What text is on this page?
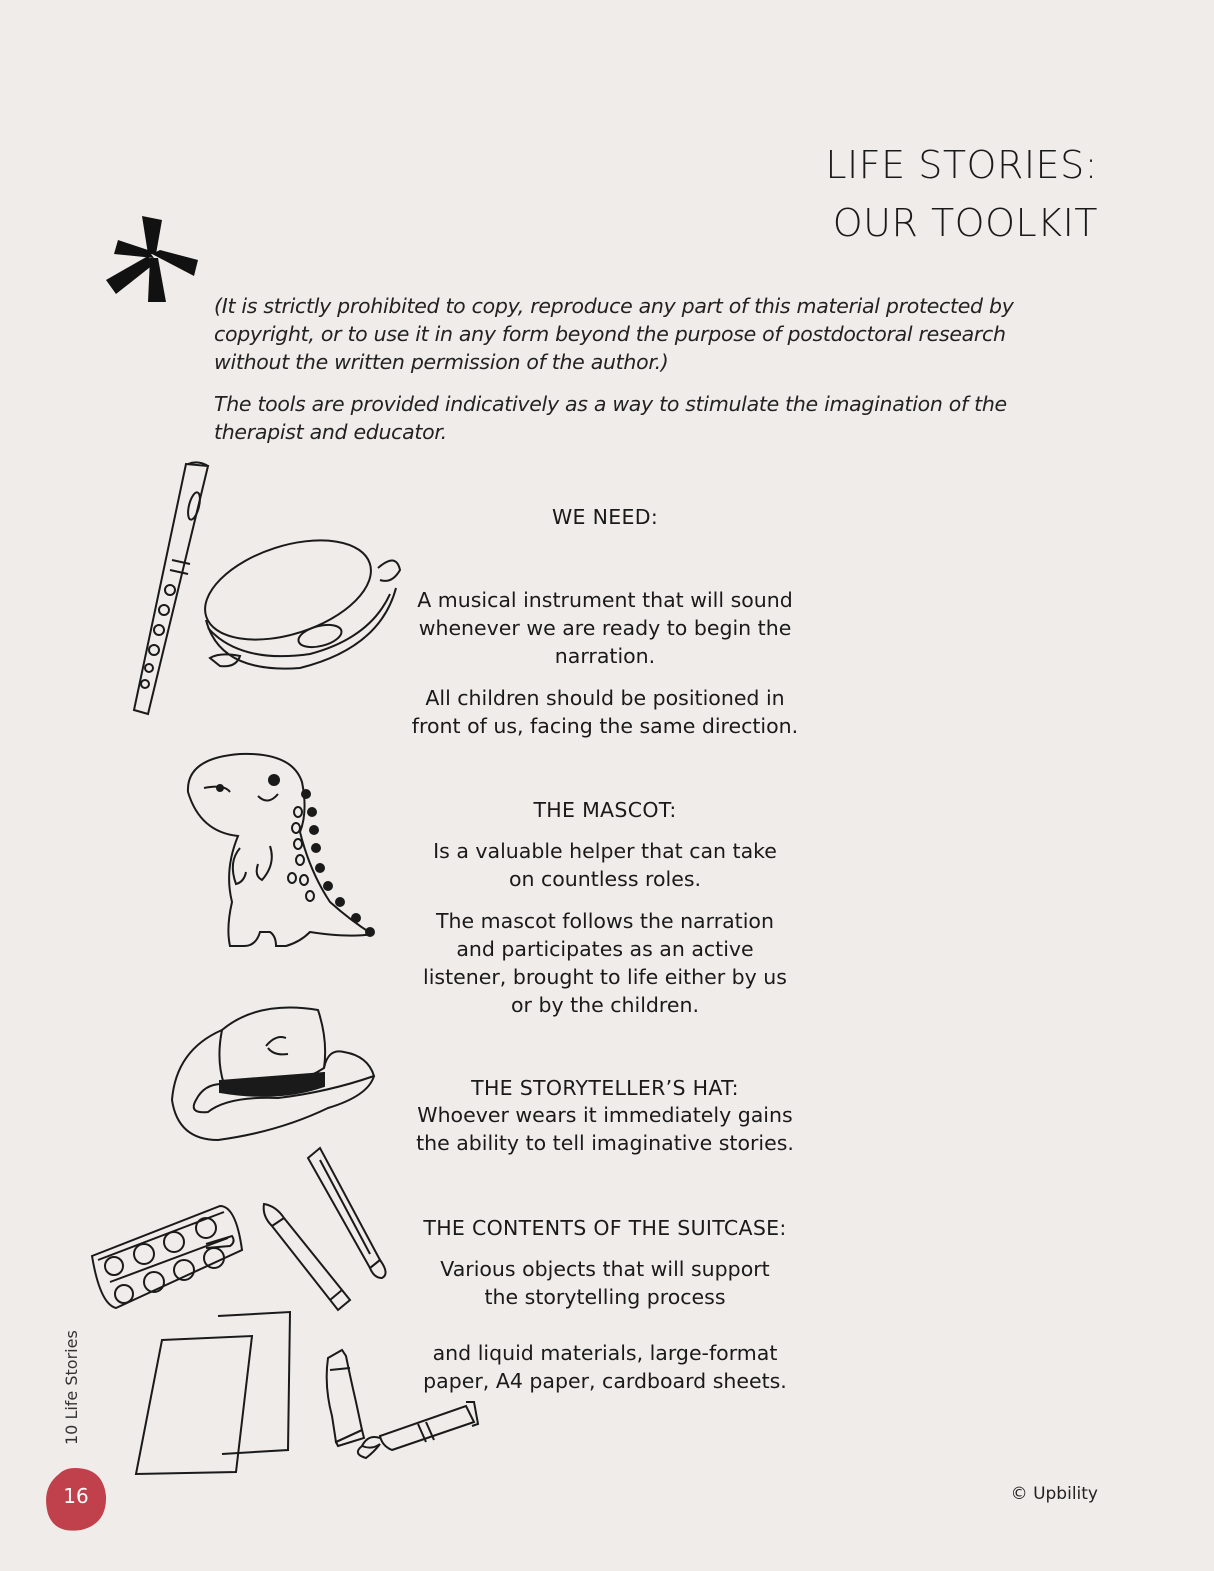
LIFE STORIES:
OUR TOOLKIT

(It is strictly prohibited to copy, reproduce any part of this material protected by copyright, or to use it in any form beyond the purpose of postdoctoral research without the written permission of the author.)

The tools are provided indicatively as a way to stimulate the imagination of the therapist and educator.

WE NEED:

A musical instrument that will sound whenever we are ready to begin the narration.

All children should be positioned in front of us, facing the same direction.

THE MASCOT:

Is a valuable helper that can take on countless roles.

The mascot follows the narration and participates as an active listener, brought to life either by us or by the children.

THE STORYTELLER’S HAT:

Whoever wears it immediately gains the ability to tell imaginative stories.

THE CONTENTS OF THE SUITCASE:

Various objects that will support the storytelling process

and liquid materials, large-format paper, A4 paper, cardboard sheets.

10 Life Stories
16	© Upbility
